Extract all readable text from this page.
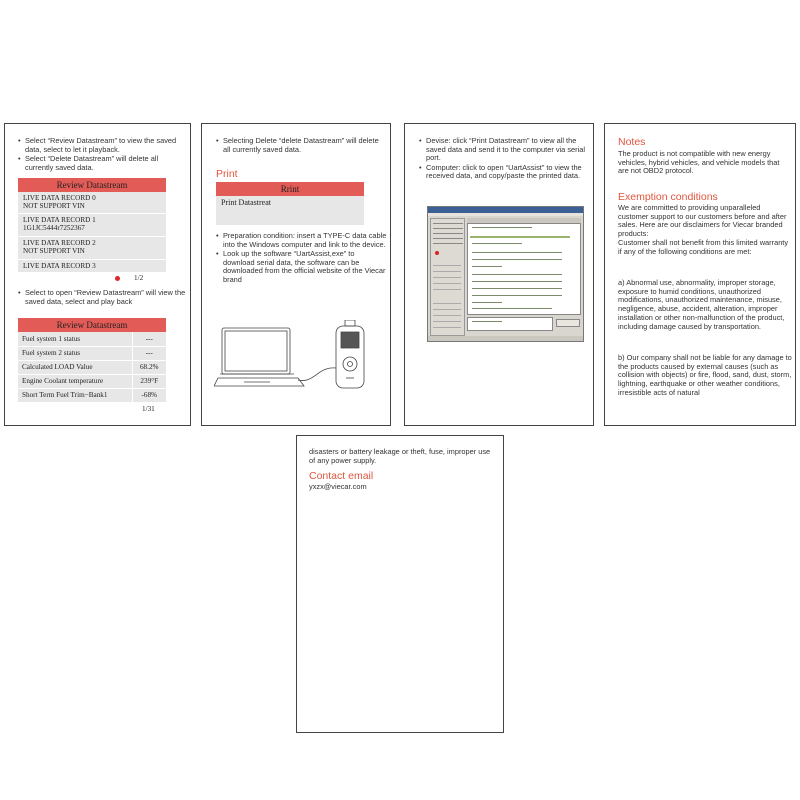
• Select “Review Datastream” to view the saved data, select to let it playback.
• Select “Delete Datastream” will delete all currently saved data.
Review Datastream
LIVE DATA RECORD 0
NOT SUPPORT VIN
LIVE DATA RECORD 1
1G1JC5444r7252367
LIVE DATA RECORD 2
NOT SUPPORT VIN
LIVE DATA RECORD 3
1/2
• Select to open “Review Datastream” will view the saved data, select and play back
Review Datastream
Fuel system 1 status	---
Fuel system 2 status	---
Calculated LOAD Value	68.2%
Engine Coolant temperature	239°F
Short Term Fuel Trim−Bank1	-68%
1/31
• Selecting Delete “delete Datastream” will delete all currently saved data.
Print
Rrint
Print Datastreat
• Preparation condition: insert a TYPE-C data cable into the Windows computer and link to the device.
• Look up the software “UartAssist,exe” to download serial data, the software can be downloaded from the official website of the Viecar brand
• Devise: click “Print Datastream” to view all the saved data and send it to the computer via serial port.
• Computer: click to open “UartAssist” to view the received data, and copy/paste the printed data.
Notes
The product is not compatible with new energy vehicles, hybrid vehicles, and vehicle models that are not OBD2 protocol.
Exemption conditions
We are committed to providing unparalleled customer support to our customers before and after sales. Here are our disclaimers for Viecar branded products:
Customer shall not benefit from this limited warranty if any of the following conditions are met:
a) Abnormal use, abnormality, improper storage, exposure to humid conditions, unauthorized modifications, unauthorized maintenance, misuse, negligence, abuse, accident, alteration, improper installation or other non-malfunction of the product, including damage caused by transportation.
b) Our company shall not be liable for any damage to the products caused by external causes (such as collision with objects) or fire, flood, sand, dust, storm, lightning, earthquake or other weather conditions, irresistible acts of natural
disasters or battery leakage or theft, fuse, improper use of any power supply.
Contact email
yxzx@viecar.com
